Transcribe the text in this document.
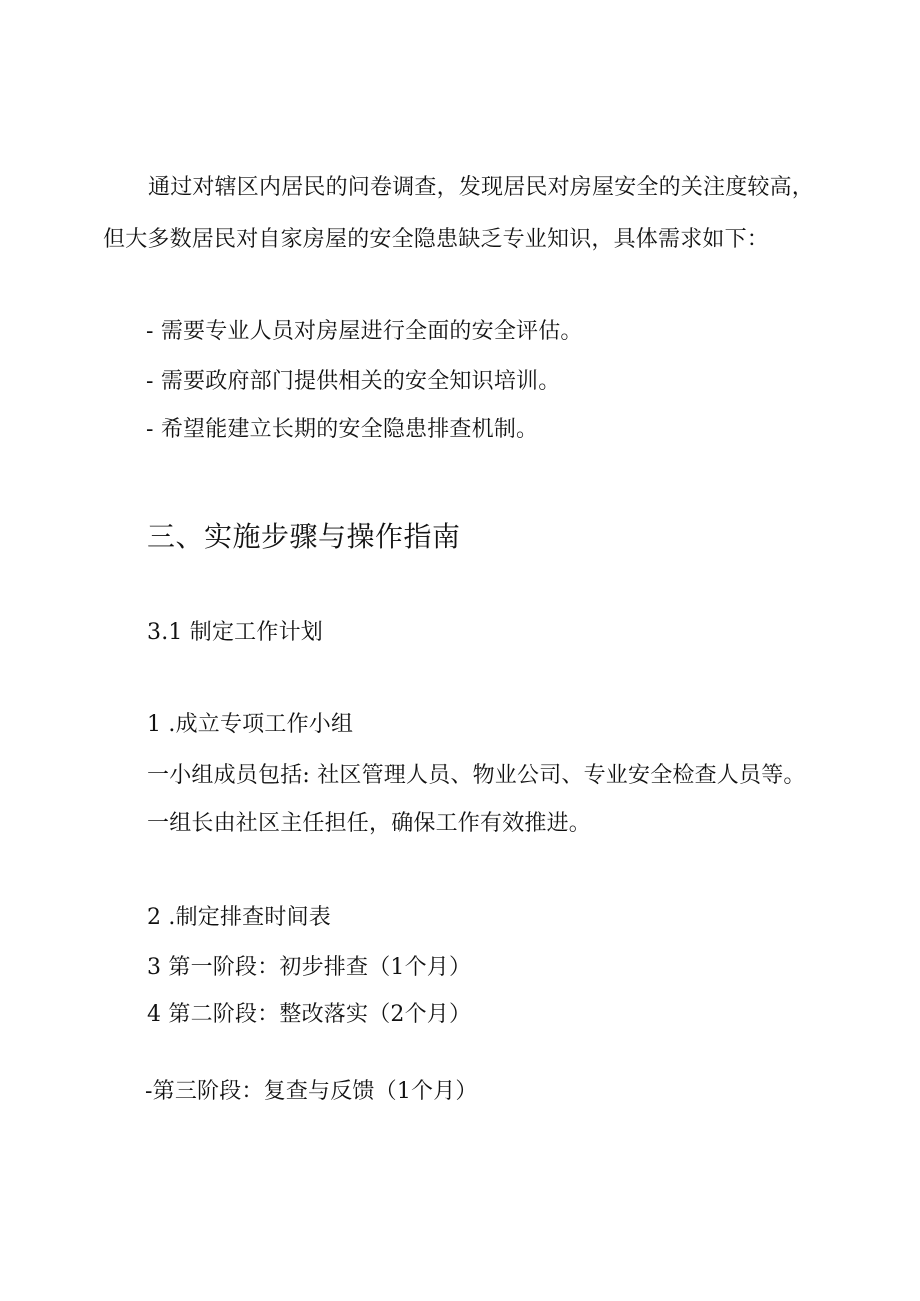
通过对辖区内居民的问卷调查，发现居民对房屋安全的关注度较高，
但大多数居民对自家房屋的安全隐患缺乏专业知识，具体需求如下：
- 需要专业人员对房屋进行全面的安全评估。
- 需要政府部门提供相关的安全知识培训。
- 希望能建立长期的安全隐患排查机制。
三、实施步骤与操作指南
3.1 制定工作计划
1 .成立专项工作小组
一小组成员包括: 社区管理人员、物业公司、专业安全检查人员等。
一组长由社区主任担任，确保工作有效推进。
2 .制定排查时间表
3 第一阶段：初步排查（1个月）
4 第二阶段：整改落实（2个月）
-第三阶段：复查与反馈（1个月）
